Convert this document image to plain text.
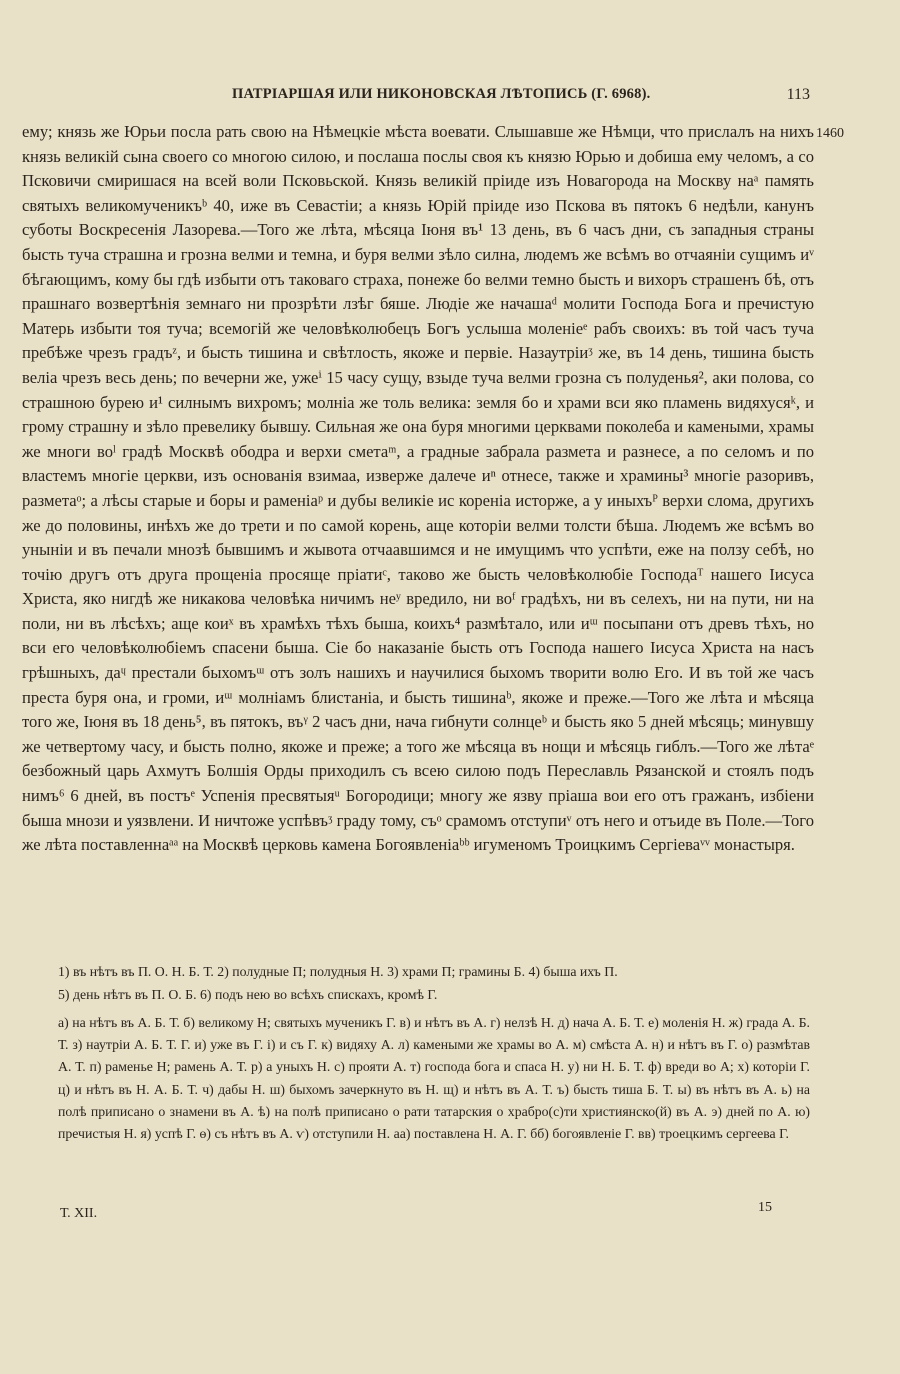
ПАТРІАРШАЯ ИЛИ НИКОНОВСКАЯ ЛѢТОПИСЬ (Г. 6968).	113
1460

ему; князь же Юрьи посла рать свою на Нѣмецкіе мѣста воевати. Слышавше же Нѣмци, что прислалъ на нихъ князь великій сына своего со многою силою, и послаша послы своя къ князю Юрью и добиша ему челомъ, а со Псковичи смиришася на всей воли Псковьской. Князь великій пріиде изъ Новагорода на Москву наᵃ память святыхъ великомученикъᵇ 40, иже въ Севастіи; а князь Юрій пріиде изо Пскова въ пятокъ 6 недѣли, канунъ суботы Воскресенія Лазорева.—Того же лѣта, мѣсяца Іюня въ¹ 13 день, въ 6 часъ дни, съ западныя страны бысть туча страшна и грозна велми и темна, и буря велми зѣло силна, людемъ же всѣмъ во отчаяніи сущимъ иᵛ бѣгающимъ, кому бы гдѣ избыти отъ таковаго страха, понеже бо велми темно бысть и вихоръ страшенъ бѣ, отъ прашнаго возвертѣнія земнаго ни прозрѣти лзѣᴦ бяше. Людіе же начашаᵈ молити Господа Бога и пречистую Матерь избыти тоя туча; всемогій же человѣколюбецъ Богъ услыша моленіеᵉ рабъ своихъ: въ той часъ туча пребѣже чрезъ градъᶻ, и бысть тишина и свѣтлость, якоже и первіе. Назаутріиᶾ же, въ 14 день, тишина бысть веліа чрезъ весь день; по вечерни же, ужеⁱ 15 часу сущу, взыде туча велми грозна съ полуденья², аки полова, со страшною бурею и¹ силнымъ вихромъ; молніа же толь велика: земля бо и храми вси яко пламень видяхусяᵏ, и грому страшну и зѣло превелику бывшу. Сильная же она буря многими церквами поколеба и камеными, храмы же многи воˡ градѣ Москвѣ ободра и верхи сметаᵐ, а градные забрала размета и разнесе, а по селомъ и по властемъ многіе церкви, изъ основанія взимаа, изверже далече иⁿ отнесе, также и храмины³ многіе разоривъ, разметаᵒ; а лѣсы старые и боры и раменіаᵖ и дубы великіе ис кореніа исторже, а у иныхъᴾ верхи слома, другихъ же до половины, инѣхъ же до трети и по самой корень, аще которіи велми толсти бѣша. Людемъ же всѣмъ во унынiи и въ печали мнозѣ бывшимъ и жывота отчаавшимся и не имущимъ что успѣти, еже на ползу себѣ, но точію другъ отъ друга прощеніа просяще пріатиᶜ, таково же бысть человѣколюбіе Господаᵀ нашего Іисуса Христа, яко нигдѣ же никакова человѣка ничимъ неʸ вредило, ни воᶠ градѣхъ, ни въ селехъ, ни на пути, ни на поли, ни въ лѣсѣхъ; аще коиˣ въ храмѣхъ тѣхъ быша, коихъ⁴ размѣтало, или иᵚ посыпани отъ древъ тѣхъ, но вси его человѣколюбіемъ спасени быша. Сіе бо наказаніе бысть отъ Господа нашего Іисуса Христа на насъ грѣшныхъ, даᶣ престали быхомъᵚ отъ золъ нашихъ и научилися быхомъ творити волю Его. И въ той же часъ преста буря она, и громи, иᵚ молніамъ блистаніа, и бысть тишинаᵇ, якоже и преже.—Того же лѣта и мѣсяца того же, Іюня въ 18 день⁵, въ пятокъ, въᵞ 2 часъ дни, нача гибнути солнцеᵇ и бысть яко 5 дней мѣсяць; минувшу же четвертому часу, и бысть полно, якоже и преже; а того же мѣсяца въ нощи и мѣсяць гиблъ.—Того же лѣтаᵉ безбожный царь Ахмутъ Болшія Орды приходилъ съ всею силою подъ Переславль Рязанской и стоялъ подъ нимъ⁶ 6 дней, въ постъᵉ Успенія пресвятыяᵘ Богородици; многу же язву пріаша вои его отъ гражанъ, избіени быша мнози и уязвлени. И ничтоже успѣвъᶾ граду тому, съᵒ срамомъ отступиᵛ отъ него и отъиде въ Поле.—Того же лѣта поставленнаᵃᵃ на Москвѣ церковь камена Богоявленіаᵇᵇ игуменомъ Троицкимъ Сергіеваᵛᵛ монастыря.

1) въ нѣтъ въ П. О. Н. Б. Т. 2) полудные П; полудныя Н. 3) храми П; грамины Б. 4) быша ихъ П.

5) день нѣтъ въ П. О. Б. 6) подъ нею во всѣхъ спискахъ, кромѣ Г.

а) на нѣтъ въ А. Б. Т. б) великому Н; святыхъ мученикъ Г. в) и нѣтъ въ А. г) нелзѣ Н. д) нача А. Б. Т. е) моленія Н. ж) града А. Б. Т. з) наутріи А. Б. Т. Г. и) уже въ Г. і) и съ Г. к) видяху А. л) камеными же храмы во А. м) смѣста А. н) и нѣтъ въ Г. о) размѣтав А. Т. п) раменье Н; рамень А. Т. р) а уныхъ Н. с) прояти А. т) господа бога и спаса Н. у) ни Н. Б. Т. ф) вреди во А; х) которіи Г. ц) и нѣтъ въ Н. А. Б. Т. ч) дабы Н. ш) быхомъ зачеркнуто въ Н. щ) и нѣтъ въ А. Т. ъ) бысть тиша Б. Т. ы) въ нѣтъ въ А. ь) на полѣ приписано о знамени въ А. ѣ) на полѣ приписано о рати татарския о храбро(с)ти християнско(й) въ А. э) дней по А. ю) пречистыя Н. я) успѣ Г. ѳ) съ нѣтъ въ А. ѵ) отступили Н. аа) поставлена Н. А. Г. бб) богоявленіе Г. вв) троецкимъ сергеева Г.

Т. XII.	15
